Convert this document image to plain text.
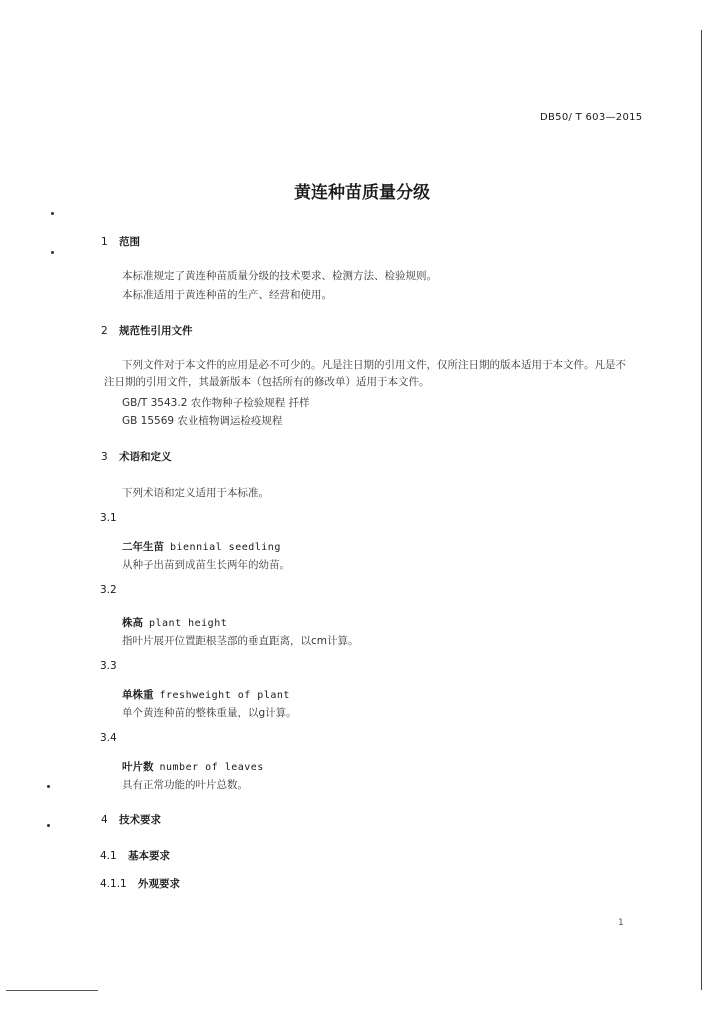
DB50/ T 603—2015
黄连种苗质量分级
1 范围
本标准规定了黄连种苗质量分级的技术要求、检测方法、检验规则。
本标准适用于黄连种苗的生产、经营和使用。
2 规范性引用文件
下列文件对于本文件的应用是必不可少的。凡是注日期的引用文件，仅所注日期的版本适用于本文件。凡是不注日期的引用文件，其最新版本（包括所有的修改单）适用于本文件。
GB/T 3543.2 农作物种子检验规程 扦样
GB 15569 农业植物调运检疫规程
3 术语和定义
下列术语和定义适用于本标准。
3.1
二年生苗 biennial seedling
从种子出苗到成苗生长两年的幼苗。
3.2
株高 plant height
指叶片展开位置距根茎部的垂直距离，以cm计算。
3.3
单株重 freshweight of plant
单个黄连种苗的整株重量，以g计算。
3.4
叶片数 number of leaves
具有正常功能的叶片总数。
4 技术要求
4.1 基本要求
4.1.1 外观要求
1
